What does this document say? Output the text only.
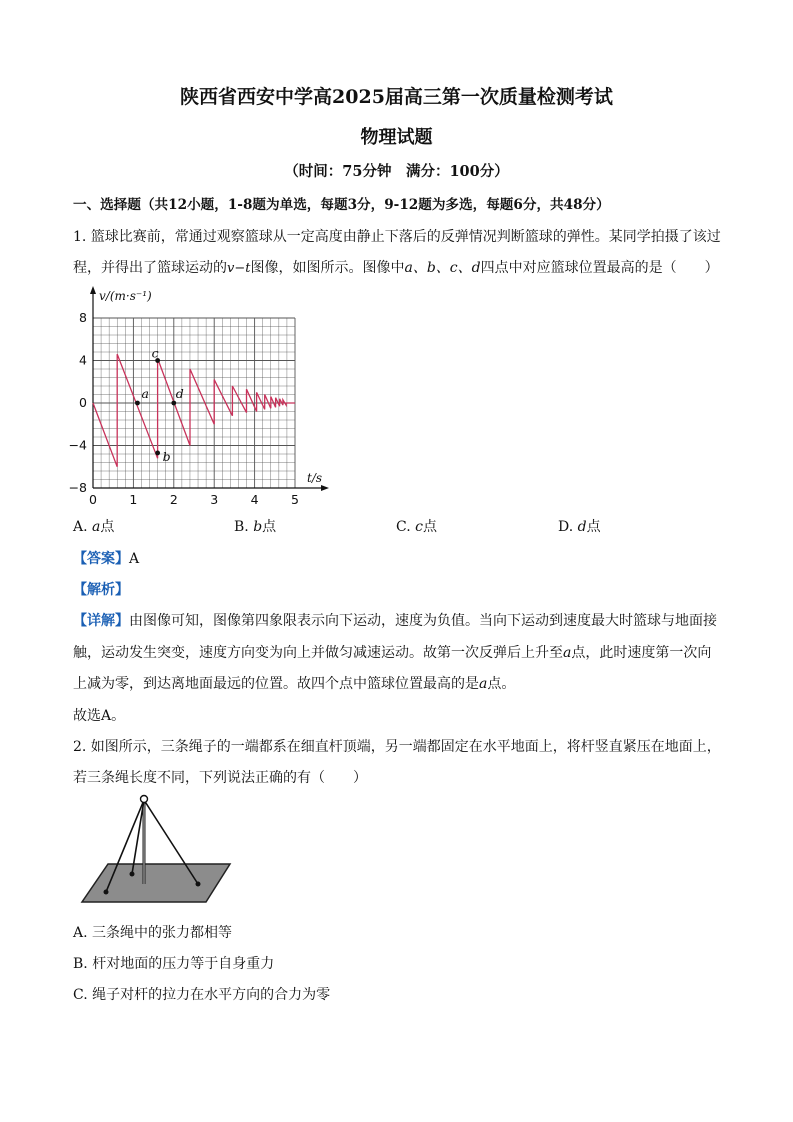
陕西省西安中学高2025届高三第一次质量检测考试
物理试题
（时间：75分钟　满分：100分）
一、选择题（共12小题，1-8题为单选，每题3分，9-12题为多选，每题6分，共48分）
1. 篮球比赛前，常通过观察篮球从一定高度由静止下落后的反弹情况判断篮球的弹性。某同学拍摄了该过
程，并得出了篮球运动的v−t图像，如图所示。图像中a、b、c、d四点中对应篮球位置最高的是（　　）
8
4
0
−4
−8
0	1	2	3	4	5
v/(m·s⁻¹)
t/s
a
b
c
d
A. a点	B. b点	C. c点	D. d点
【答案】A
【解析】
【详解】由图像可知，图像第四象限表示向下运动，速度为负值。当向下运动到速度最大时篮球与地面接
触，运动发生突变，速度方向变为向上并做匀减速运动。故第一次反弹后上升至a点，此时速度第一次向
上减为零，到达离地面最远的位置。故四个点中篮球位置最高的是a点。
故选A。
2. 如图所示，三条绳子的一端都系在细直杆顶端，另一端都固定在水平地面上，将杆竖直紧压在地面上，
若三条绳长度不同，下列说法正确的有（　　）
A. 三条绳中的张力都相等
B. 杆对地面的压力等于自身重力
C. 绳子对杆的拉力在水平方向的合力为零
